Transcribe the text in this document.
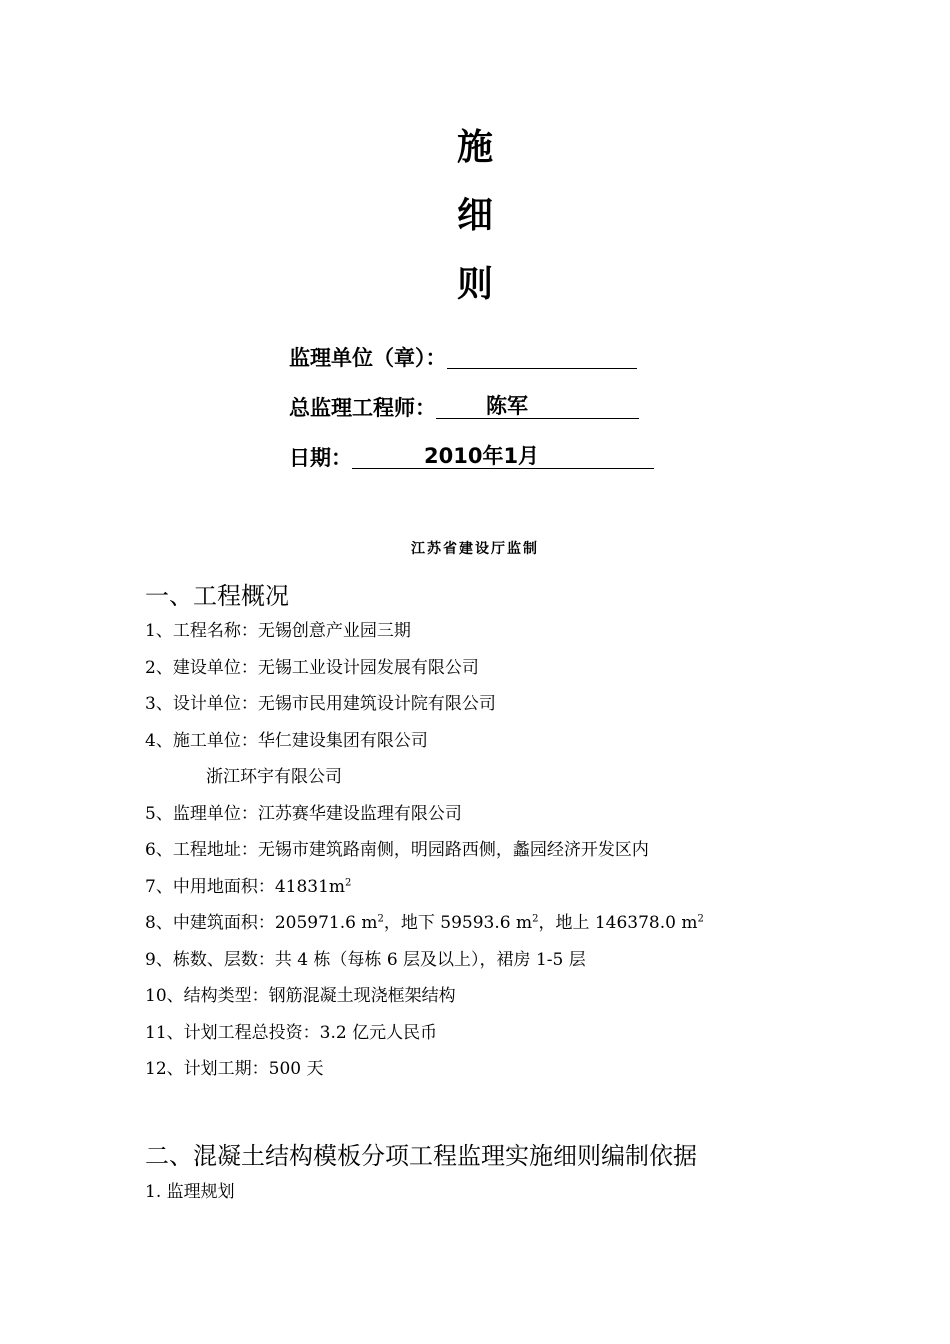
施
细
则
监理单位（章）：
总监理工程师： 陈军
日期：	2010年1月
江苏省建设厅监制
一、工程概况
1、工程名称：无锡创意产业园三期
2、建设单位：无锡工业设计园发展有限公司
3、设计单位：无锡市民用建筑设计院有限公司
4、施工单位：华仁建设集团有限公司
浙江环宇有限公司
5、监理单位：江苏赛华建设监理有限公司
6、工程地址：无锡市建筑路南侧，明园路西侧，蠡园经济开发区内
7、中用地面积：$41831m^2$
8、中建筑面积：205971.6 $m^2$，地下 59593.6 $m^2$，地上 146378.0 $m^2$
9、栋数、层数：共 4 栋（每栋 6 层及以上），裙房 1-5 层
10、结构类型：钢筋混凝土现浇框架结构
11、计划工程总投资：3.2 亿元人民币
12、计划工期：500 天
二、混凝土结构模板分项工程监理实施细则编制依据
1. 监理规划
